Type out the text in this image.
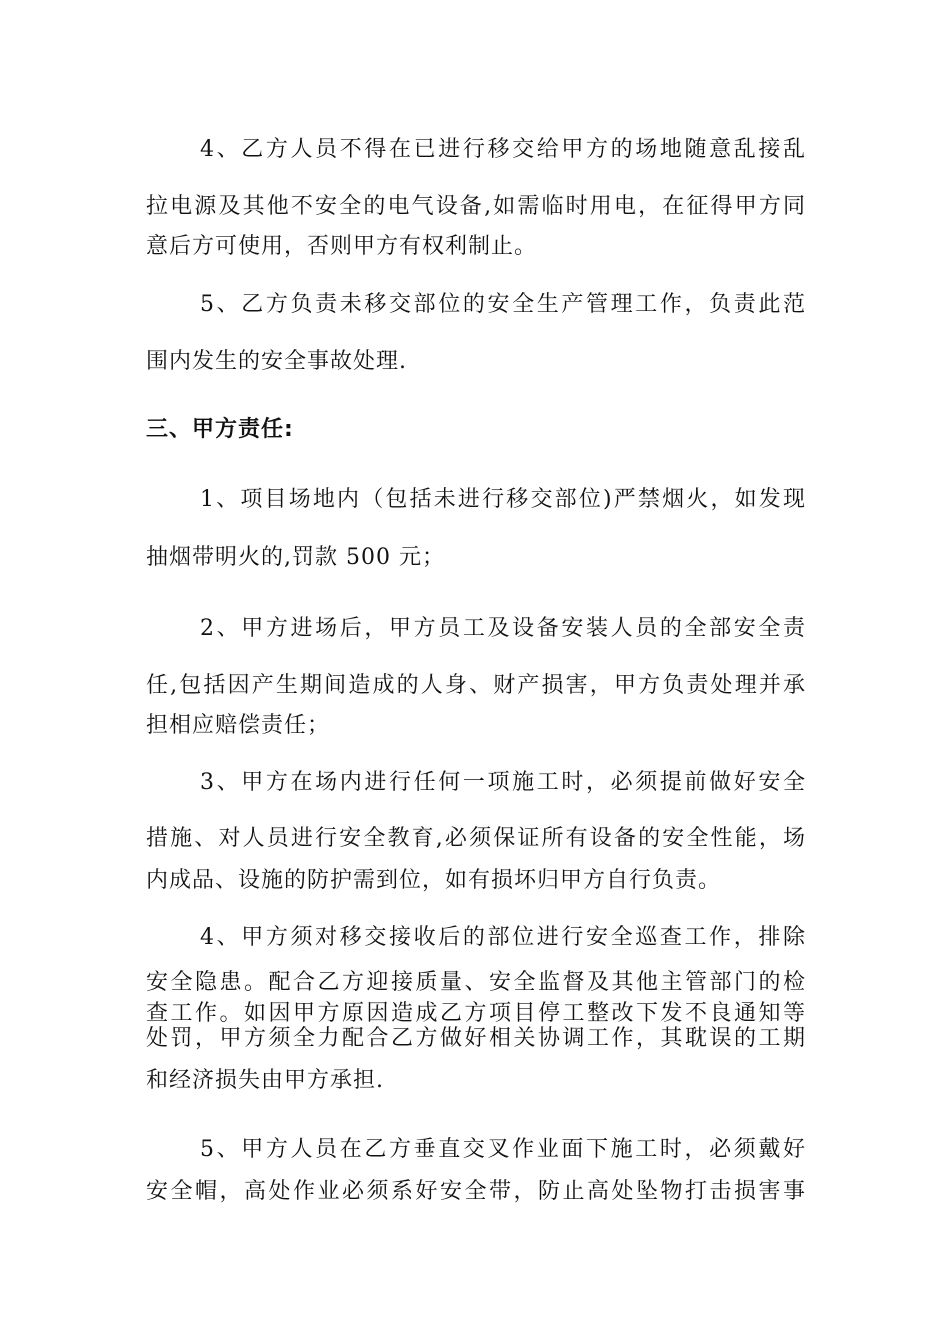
4、乙方人员不得在已进行移交给甲方的场地随意乱接乱
拉电源及其他不安全的电气设备,如需临时用电，在征得甲方同
意后方可使用，否则甲方有权利制止。
5、乙方负责未移交部位的安全生产管理工作，负责此范
围内发生的安全事故处理.
三、甲方责任:
1、项目场地内（包括未进行移交部位)严禁烟火，如发现
抽烟带明火的,罚款 500 元；
2、甲方进场后，甲方员工及设备安装人员的全部安全责
任,包括因产生期间造成的人身、财产损害，甲方负责处理并承
担相应赔偿责任；
3、甲方在场内进行任何一项施工时，必须提前做好安全
措施、对人员进行安全教育,必须保证所有设备的安全性能，场
内成品、设施的防护需到位，如有损坏归甲方自行负责。
4、甲方须对移交接收后的部位进行安全巡查工作，排除
安全隐患。配合乙方迎接质量、安全监督及其他主管部门的检
查工作。如因甲方原因造成乙方项目停工整改下发不良通知等
处罚，甲方须全力配合乙方做好相关协调工作，其耽误的工期
和经济损失由甲方承担.
5、甲方人员在乙方垂直交叉作业面下施工时，必须戴好
安全帽，高处作业必须系好安全带，防止高处坠物打击损害事
